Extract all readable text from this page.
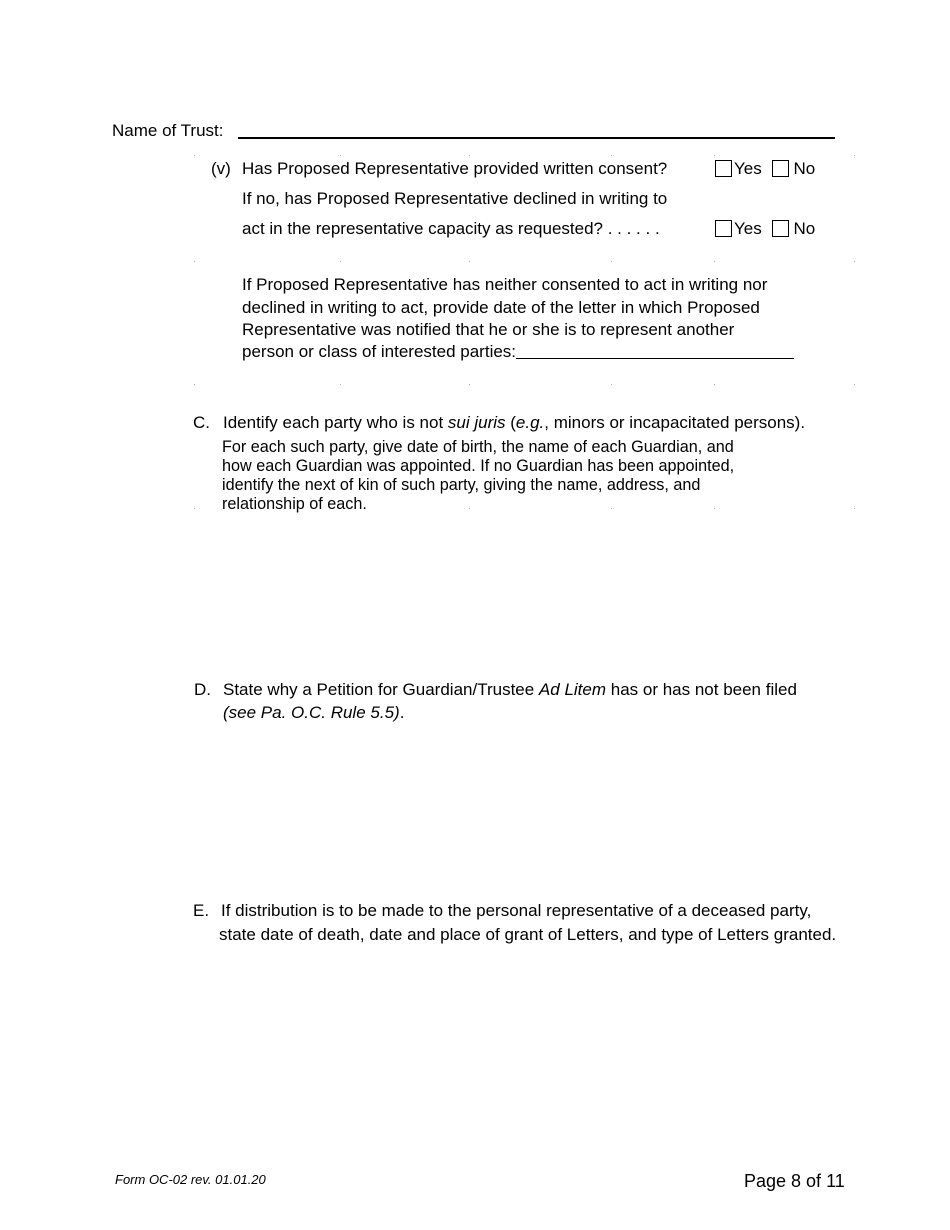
Name of Trust:
(v) Has Proposed Representative provided written consent?	Yes No
If no, has Proposed Representative declined in writing to
act in the representative capacity as requested? . . . . . .	Yes No
If Proposed Representative has neither consented to act in writing nor
declined in writing to act, provide date of the letter in which Proposed
Representative was notified that he or she is to represent another
person or class of interested parties:
C. Identify each party who is not sui juris (e.g., minors or incapacitated persons).
For each such party, give date of birth, the name of each Guardian, and
how each Guardian was appointed. If no Guardian has been appointed,
identify the next of kin of such party, giving the name, address, and
relationship of each.
D. State why a Petition for Guardian/Trustee Ad Litem has or has not been filed
(see Pa. O.C. Rule 5.5).
E. If distribution is to be made to the personal representative of a deceased party,
state date of death, date and place of grant of Letters, and type of Letters granted.
Form OC-02 rev. 01.01.20	Page 8 of 11
